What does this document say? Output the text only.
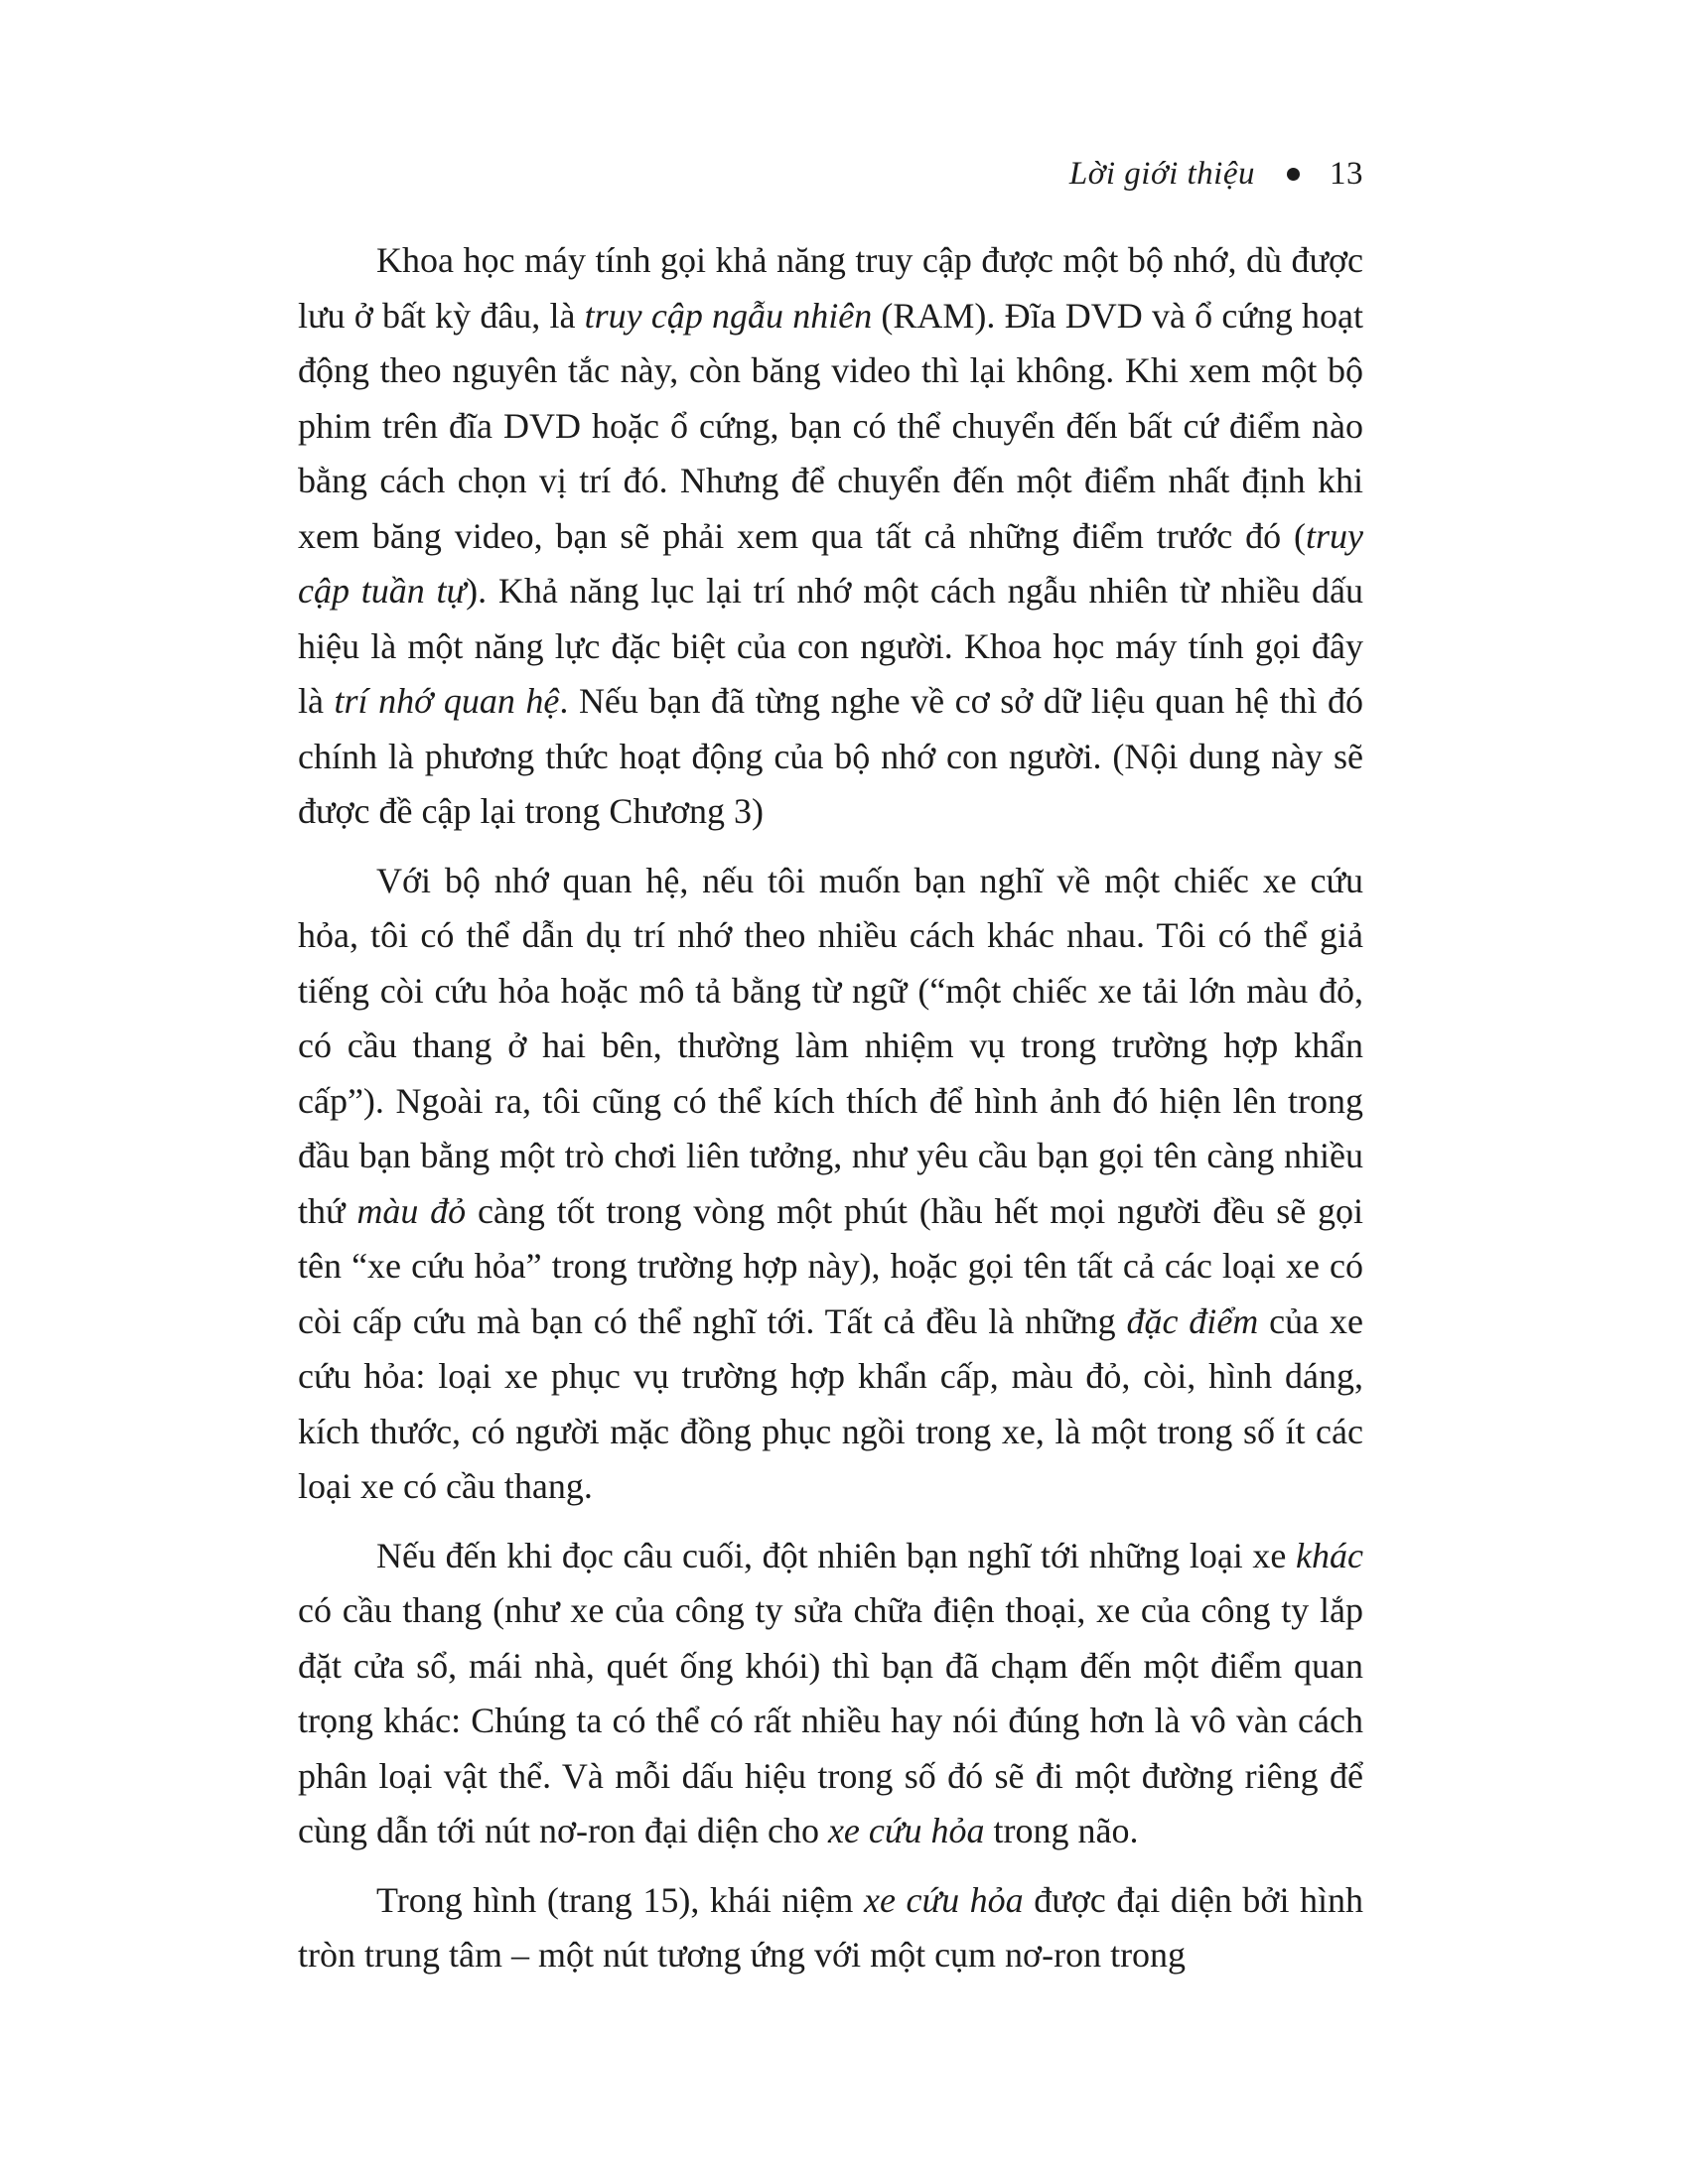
Lời giới thiệu 13

Khoa học máy tính gọi khả năng truy cập được một bộ nhớ, dù được lưu ở bất kỳ đâu, là truy cập ngẫu nhiên (RAM). Đĩa DVD và ổ cứng hoạt động theo nguyên tắc này, còn băng video thì lại không. Khi xem một bộ phim trên đĩa DVD hoặc ổ cứng, bạn có thể chuyển đến bất cứ điểm nào bằng cách chọn vị trí đó. Nhưng để chuyển đến một điểm nhất định khi xem băng video, bạn sẽ phải xem qua tất cả những điểm trước đó (truy cập tuần tự). Khả năng lục lại trí nhớ một cách ngẫu nhiên từ nhiều dấu hiệu là một năng lực đặc biệt của con người. Khoa học máy tính gọi đây là trí nhớ quan hệ. Nếu bạn đã từng nghe về cơ sở dữ liệu quan hệ thì đó chính là phương thức hoạt động của bộ nhớ con người. (Nội dung này sẽ được đề cập lại trong Chương 3)

Với bộ nhớ quan hệ, nếu tôi muốn bạn nghĩ về một chiếc xe cứu hỏa, tôi có thể dẫn dụ trí nhớ theo nhiều cách khác nhau. Tôi có thể giả tiếng còi cứu hỏa hoặc mô tả bằng từ ngữ (“một chiếc xe tải lớn màu đỏ, có cầu thang ở hai bên, thường làm nhiệm vụ trong trường hợp khẩn cấp”). Ngoài ra, tôi cũng có thể kích thích để hình ảnh đó hiện lên trong đầu bạn bằng một trò chơi liên tưởng, như yêu cầu bạn gọi tên càng nhiều thứ màu đỏ càng tốt trong vòng một phút (hầu hết mọi người đều sẽ gọi tên “xe cứu hỏa” trong trường hợp này), hoặc gọi tên tất cả các loại xe có còi cấp cứu mà bạn có thể nghĩ tới. Tất cả đều là những đặc điểm của xe cứu hỏa: loại xe phục vụ trường hợp khẩn cấp, màu đỏ, còi, hình dáng, kích thước, có người mặc đồng phục ngồi trong xe, là một trong số ít các loại xe có cầu thang.

Nếu đến khi đọc câu cuối, đột nhiên bạn nghĩ tới những loại xe khác có cầu thang (như xe của công ty sửa chữa điện thoại, xe của công ty lắp đặt cửa sổ, mái nhà, quét ống khói) thì bạn đã chạm đến một điểm quan trọng khác: Chúng ta có thể có rất nhiều hay nói đúng hơn là vô vàn cách phân loại vật thể. Và mỗi dấu hiệu trong số đó sẽ đi một đường riêng để cùng dẫn tới nút nơ-ron đại diện cho xe cứu hỏa trong não.

Trong hình (trang 15), khái niệm xe cứu hỏa được đại diện bởi hình tròn trung tâm – một nút tương ứng với một cụm nơ-ron trong
